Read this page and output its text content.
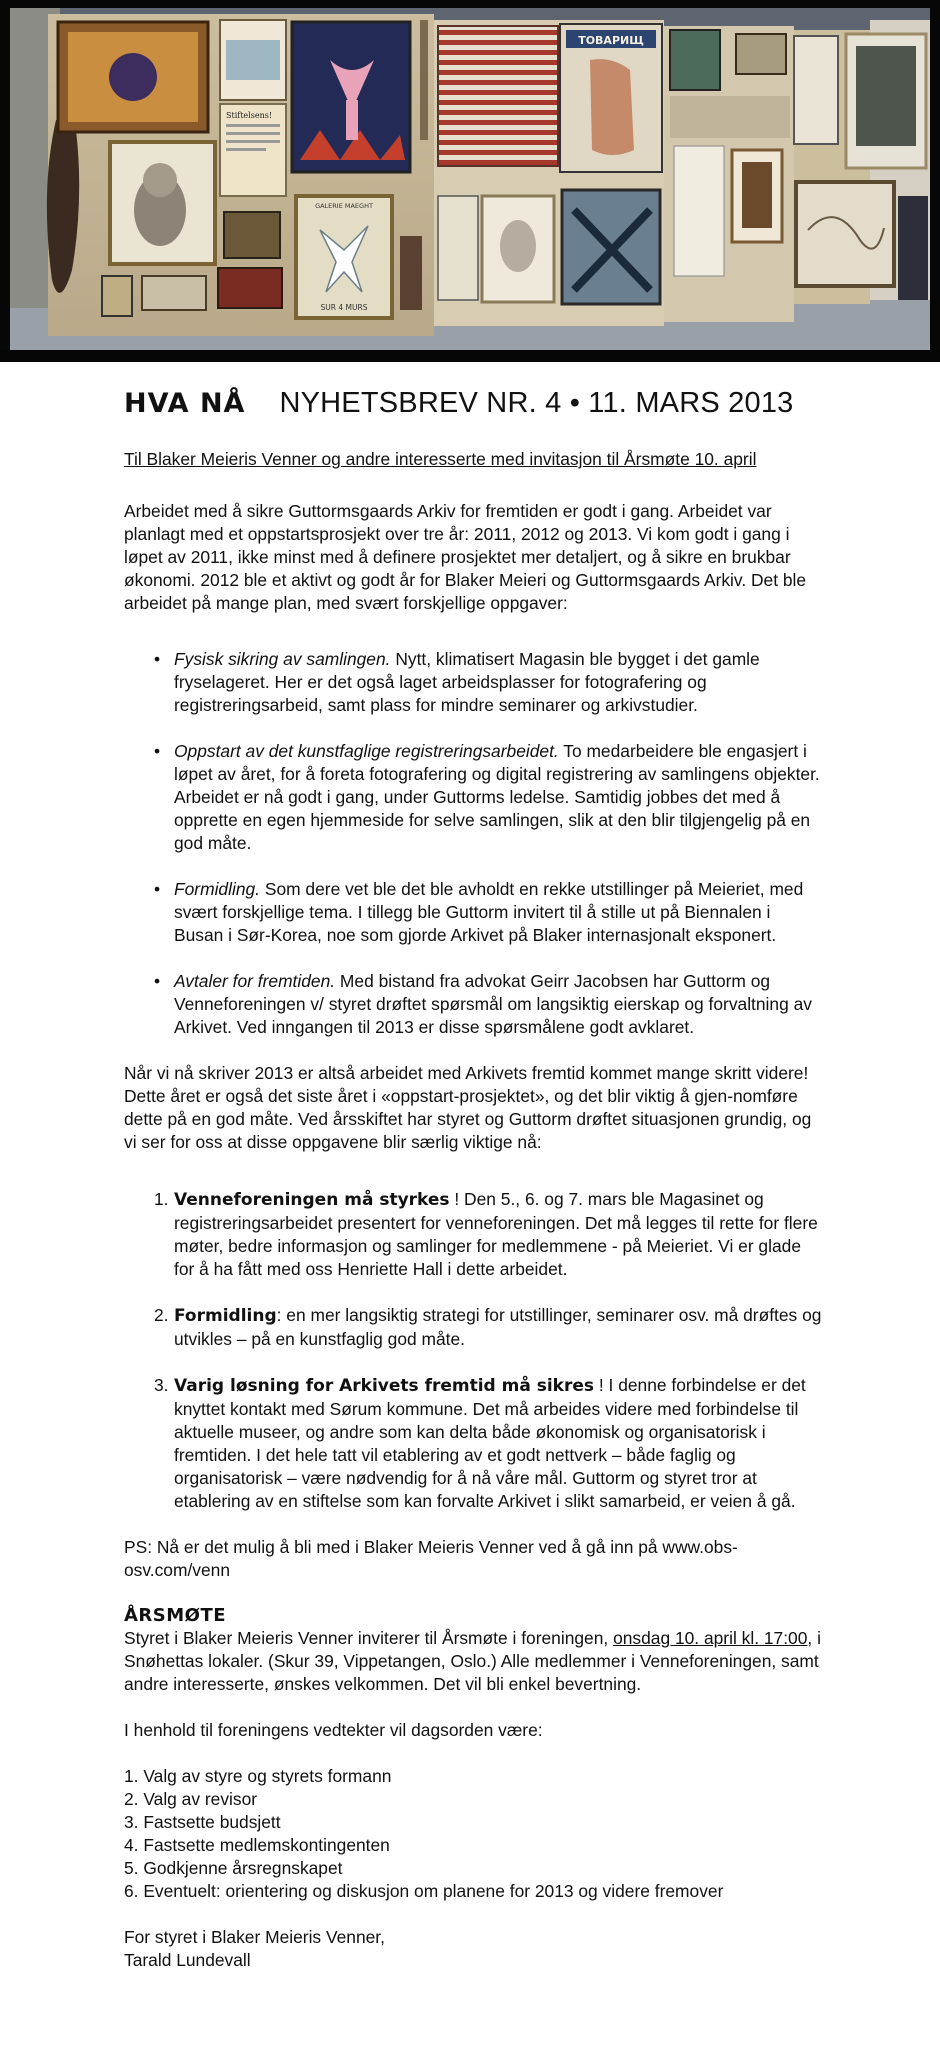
Stiftelsens!
GALERIE MAEGHT
SUR 4 MURS
ТОВАРИЩ
HVA NÅ NYHETSBREV NR. 4 • 11. MARS 2013

Til Blaker Meieris Venner og andre interesserte med invitasjon til Årsmøte 10. april

Arbeidet med å sikre Guttormsgaards Arkiv for fremtiden er godt i gang. Arbeidet var planlagt med et oppstartsprosjekt over tre år: 2011, 2012 og 2013. Vi kom godt i gang i løpet av 2011, ikke minst med å definere prosjektet mer detaljert, og å sikre en brukbar økonomi. 2012 ble et aktivt og godt år for Blaker Meieri og Guttormsgaards Arkiv. Det ble arbeidet på mange plan, med svært forskjellige oppgaver:

• Fysisk sikring av samlingen. Nytt, klimatisert Magasin ble bygget i det gamle fryselageret. Her er det også laget arbeidsplasser for fotografering og registreringsarbeid, samt plass for mindre seminarer og arkivstudier.
• Oppstart av det kunstfaglige registreringsarbeidet. To medarbeidere ble engasjert i løpet av året, for å foreta fotografering og digital registrering av samlingens objekter. Arbeidet er nå godt i gang, under Guttorms ledelse. Samtidig jobbes det med å opprette en egen hjemmeside for selve samlingen, slik at den blir tilgjengelig på en god måte.
• Formidling. Som dere vet ble det ble avholdt en rekke utstillinger på Meieriet, med svært forskjellige tema. I tillegg ble Guttorm invitert til å stille ut på Biennalen i Busan i Sør-Korea, noe som gjorde Arkivet på Blaker internasjonalt eksponert.
• Avtaler for fremtiden. Med bistand fra advokat Geirr Jacobsen har Guttorm og Venneforeningen v/ styret drøftet spørsmål om langsiktig eierskap og forvaltning av Arkivet. Ved inngangen til 2013 er disse spørsmålene godt avklaret.

Når vi nå skriver 2013 er altså arbeidet med Arkivets fremtid kommet mange skritt videre! Dette året er også det siste året i «oppstart-prosjektet», og det blir viktig å gjen-nomføre dette på en god måte. Ved årsskiftet har styret og Guttorm drøftet situasjonen grundig, og vi ser for oss at disse oppgavene blir særlig viktige nå:

1. Venneforeningen må styrkes ! Den 5., 6. og 7. mars ble Magasinet og registreringsarbeidet presentert for venneforeningen. Det må legges til rette for flere møter, bedre informasjon og samlinger for medlemmene - på Meieriet. Vi er glade for å ha fått med oss Henriette Hall i dette arbeidet.
2. Formidling: en mer langsiktig strategi for utstillinger, seminarer osv. må drøftes og utvikles – på en kunstfaglig god måte.
3. Varig løsning for Arkivets fremtid må sikres ! I denne forbindelse er det knyttet kontakt med Sørum kommune. Det må arbeides videre med forbindelse til aktuelle museer, og andre som kan delta både økonomisk og organisatorisk i fremtiden. I det hele tatt vil etablering av et godt nettverk – både faglig og organisatorisk – være nødvendig for å nå våre mål. Guttorm og styret tror at etablering av en stiftelse som kan forvalte Arkivet i slikt samarbeid, er veien å gå.

PS: Nå er det mulig å bli med i Blaker Meieris Venner ved å gå inn på www.obs-osv.com/venn

ÅRSMØTE

Styret i Blaker Meieris Venner inviterer til Årsmøte i foreningen, onsdag 10. april kl. 17:00, i Snøhettas lokaler. (Skur 39, Vippetangen, Oslo.) Alle medlemmer i Venneforeningen, samt andre interesserte, ønskes velkommen. Det vil bli enkel bevertning.

I henhold til foreningens vedtekter vil dagsorden være:

1. Valg av styre og styrets formann
2. Valg av revisor
3. Fastsette budsjett
4. Fastsette medlemskontingenten
5. Godkjenne årsregnskapet
6. Eventuelt: orientering og diskusjon om planene for 2013 og videre fremover
For styret i Blaker Meieris Venner,
Tarald Lundevall
